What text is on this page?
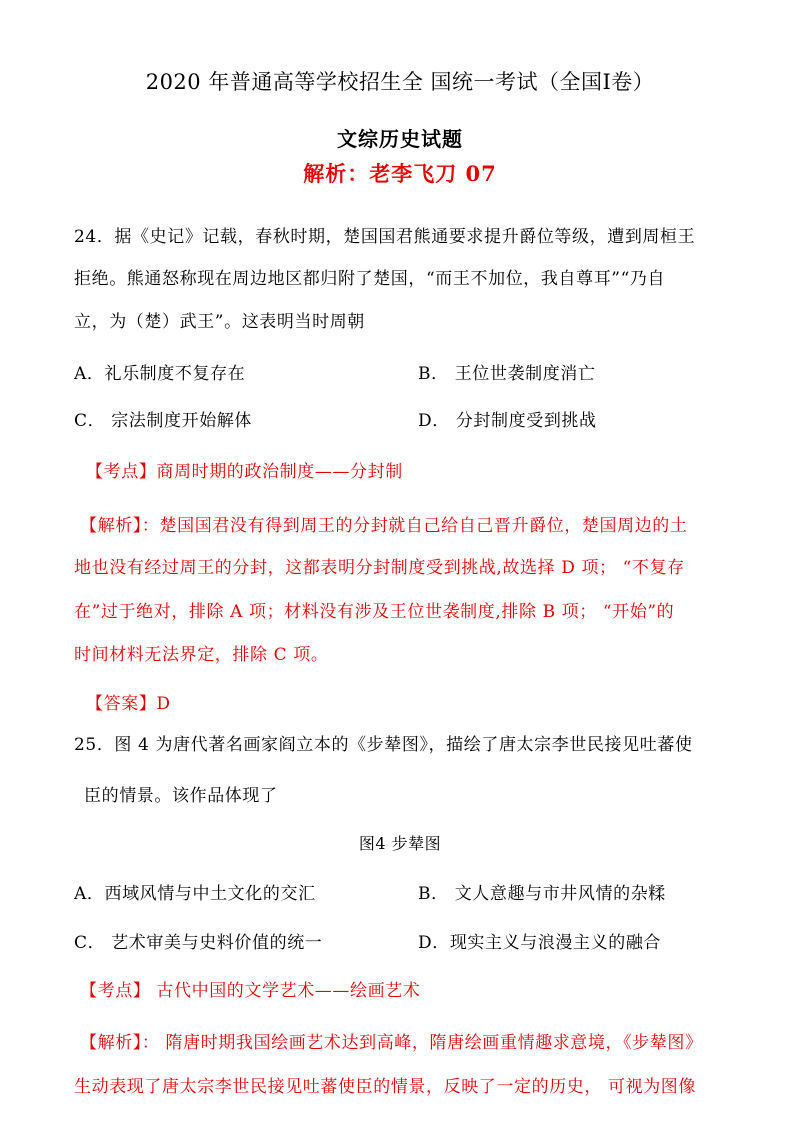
2020 年普通高等学校招生全 国统一考试（全国Ⅰ卷）
文综历史试题
解析：老李飞刀 07
24．据《史记》记载，春秋时期，楚国国君熊通要求提升爵位等级，遭到周桓王
拒绝。熊通怒称现在周边地区都归附了楚国，“而王不加位，我自尊耳”“乃自
立，为（楚）武王”。这表明当时周朝
A．礼乐制度不复存在	B． 王位世袭制度消亡
C． 宗法制度开始解体	D． 分封制度受到挑战
【考点】商周时期的政治制度——分封制
【解析】：楚国国君没有得到周王的分封就自己给自己晋升爵位，楚国周边的土
地也没有经过周王的分封，这都表明分封制度受到挑战,故选择 D 项； “不复存
在”过于绝对，排除 A 项；材料没有涉及王位世袭制度,排除 B 项； “开始”的
时间材料无法界定，排除 C 项。
【答案】D
25．图 4 为唐代著名画家阎立本的《步辇图》，描绘了唐太宗李世民接见吐蕃使
臣的情景。该作品体现了
图4 步辇图
A．西域风情与中土文化的交汇	B． 文人意趣与市井风情的杂糅
C． 艺术审美与史料价值的统一	D．现实主义与浪漫主义的融合
【考点】 古代中国的文学艺术——绘画艺术
【解析】： 隋唐时期我国绘画艺术达到高峰，隋唐绘画重情趣求意境，《步辇图》
生动表现了唐太宗李世民接见吐蕃使臣的情景，反映了一定的历史， 可视为图像
